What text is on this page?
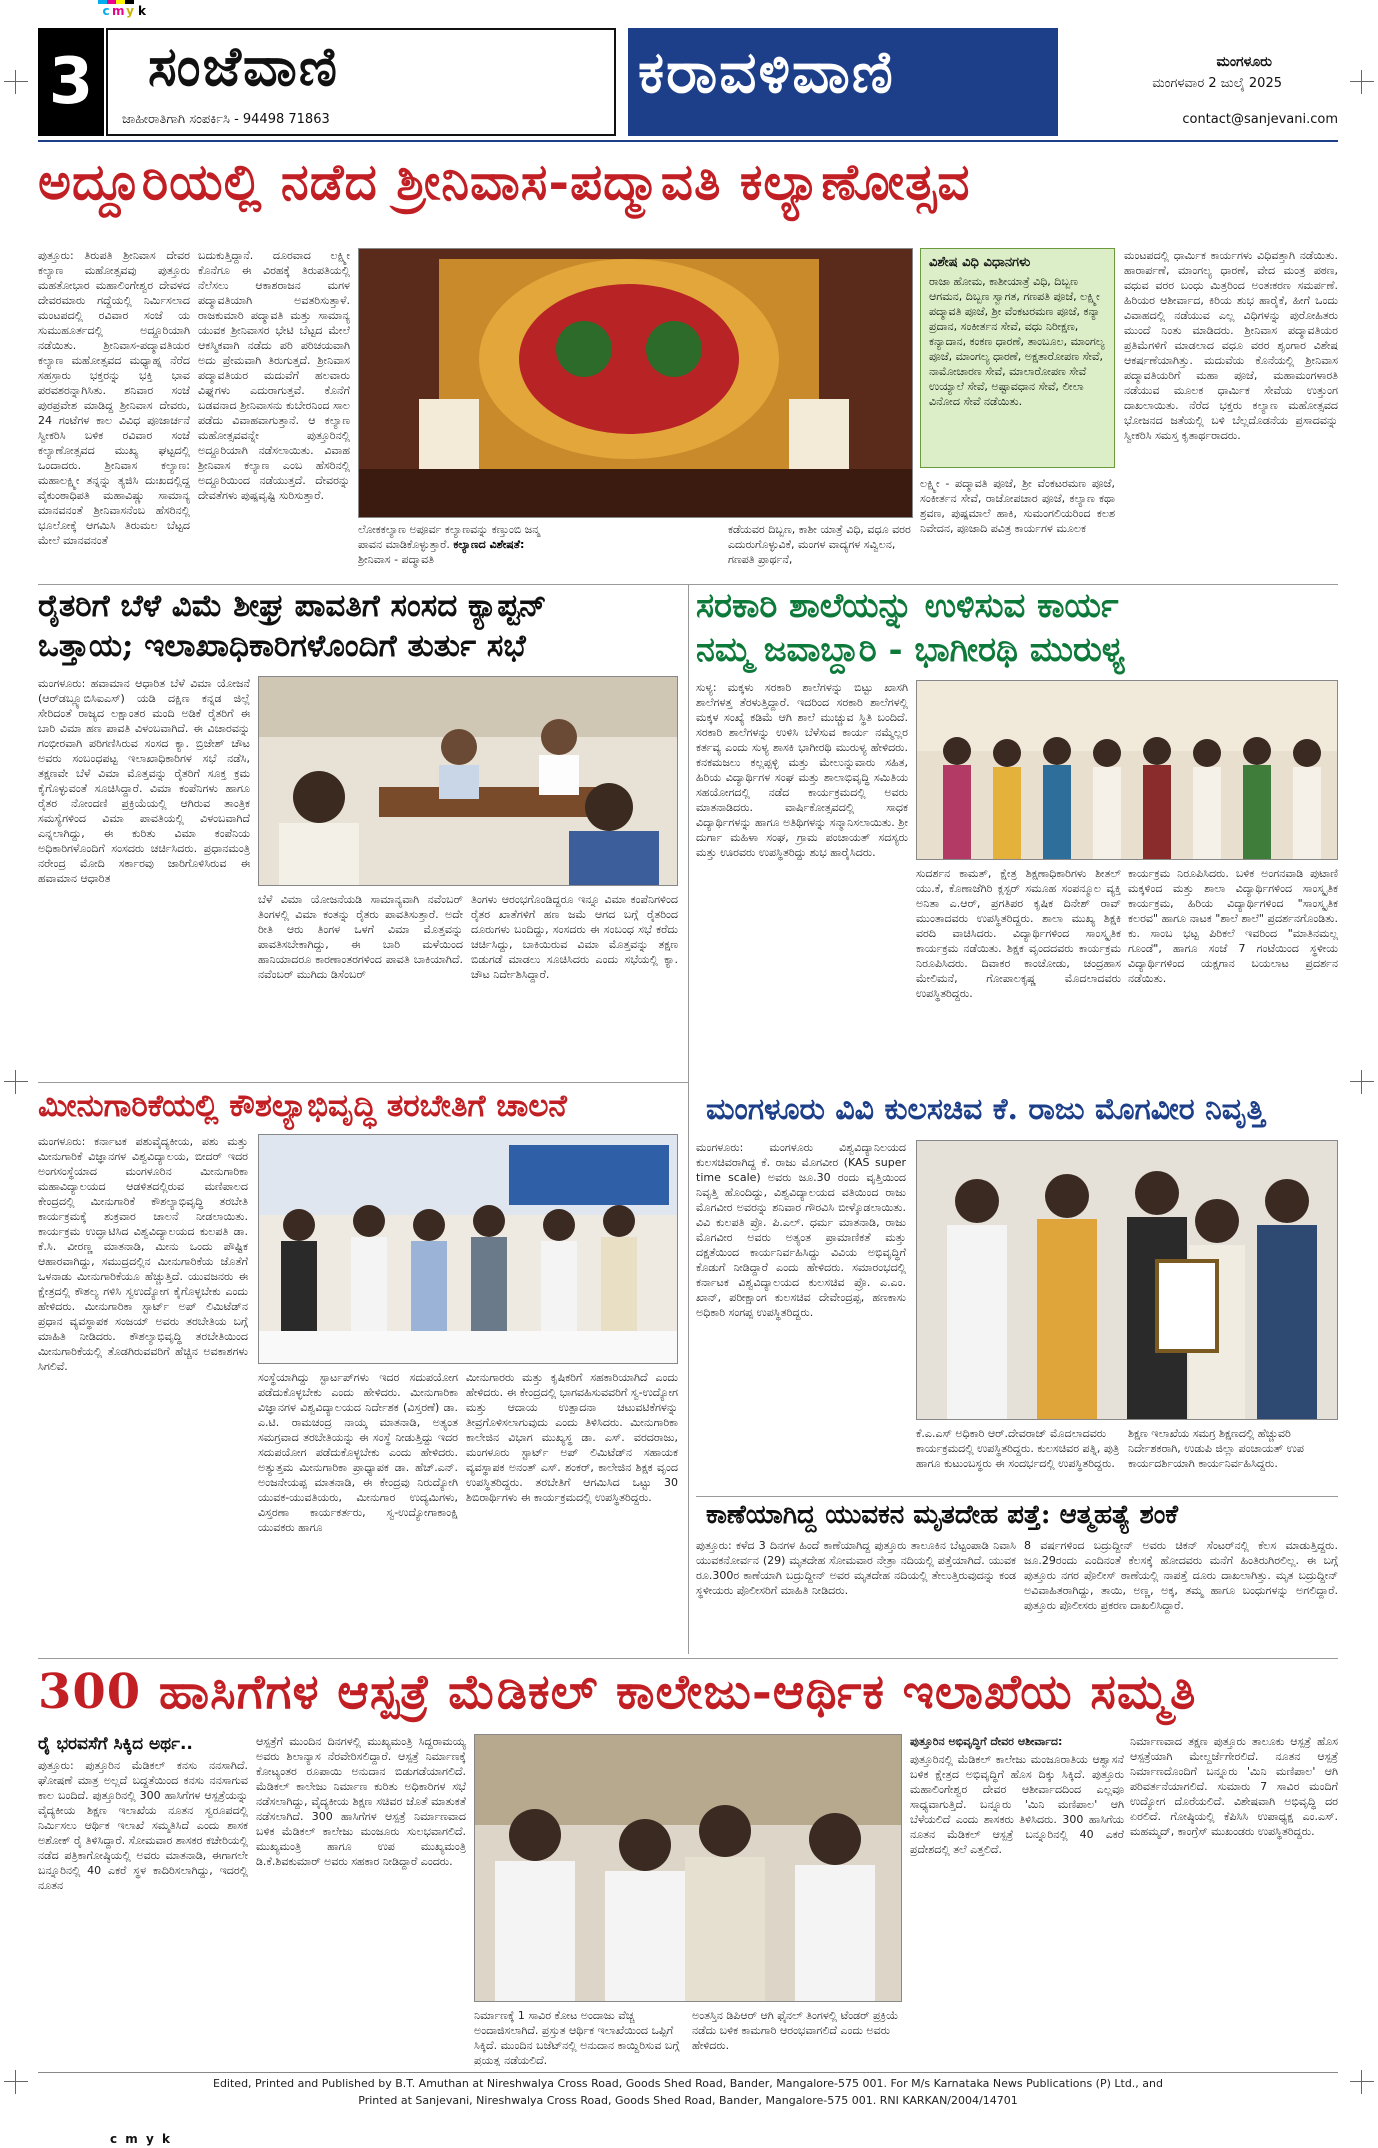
c m y k
3 ಸಂಜೆವಾಣಿ
ಜಾಹೀರಾತಿಗಾಗಿ ಸಂಪರ್ಕಿಸಿ - 94498 71863
ಕರಾವಳಿವಾಣಿ	ಮಂಗಳೂರು
ಮಂಗಳವಾರ 2 ಜುಲೈ 2025
contact@sanjevani.com
ಅದ್ದೂರಿಯಲ್ಲಿ ನಡೆದ ಶ್ರೀನಿವಾಸ-ಪದ್ಮಾವತಿ ಕಲ್ಯಾಣೋತ್ಸವ
ಪುತ್ತೂರು: ತಿರುಪತಿ ಶ್ರೀನಿವಾಸ ದೇವರ ಕಲ್ಯಾಣ ಮಹೋತ್ಸವವು ಪುತ್ತೂರು ಮಹತೋಭಾರ ಮಹಾಲಿಂಗೇಶ್ವರ ದೇವಳದ ದೇವರಮಾರು ಗದ್ದೆಯಲ್ಲಿ ನಿರ್ಮಿಸಲಾದ ಮಂಟಪದಲ್ಲಿ ರವಿವಾರ ಸಂಜೆ ಯ ಸುಮುಹೂರ್ತದಲ್ಲಿ ಅದ್ದೂರಿಯಾಗಿ ನಡೆಯಿತು. ಶ್ರೀನಿವಾಸ-ಪದ್ಮಾವತಿಯರ ಕಲ್ಯಾಣ ಮಹೋತ್ಸವದ ಮಧ್ಯಾಹ್ನ ನೆರೆದ ಸಹಸ್ರಾರು ಭಕ್ತರನ್ನು ಭಕ್ತಿ ಭಾವ ಪರವಶರನ್ನಾಗಿಸಿತು. ಶನಿವಾರ ಸಂಜೆ ಪುರಪ್ರವೇಶ ಮಾಡಿದ್ದ ಶ್ರೀನಿವಾಸ ದೇವರು, 24 ಗಂಟೆಗಳ ಕಾಲ ವಿವಿಧ ಪೂಜಾರ್ಚನೆ ಸ್ವೀಕರಿಸಿ ಬಳಿಕ ರವಿವಾರ ಸಂಜೆ ಕಲ್ಯಾಣೋತ್ಸವದ ಮುಖ್ಯ ಘಟ್ಟದಲ್ಲಿ ಒಂದಾದರು. ಶ್ರೀನಿವಾಸ ಕಲ್ಯಾಣ: ಮಹಾಲಕ್ಷ್ಮೀ ತನ್ನನ್ನು ತ್ಯಜಿಸಿ ದುಃಖದಲ್ಲಿದ್ದ ವೈಕುಂಠಾಧಿಪತಿ ಮಹಾವಿಷ್ಣು ಸಾಮಾನ್ಯ ಮಾನವನಂತೆ ಶ್ರೀನಿವಾಸನೆಂಬ ಹೆಸರಿನಲ್ಲಿ ಭೂಲೋಕ್ಕೆ ಆಗಮಿಸಿ ತಿರುಮಲ ಬೆಟ್ಟದ ಮೇಲೆ ಮಾನವನಂತೆ
ಬದುಕುತ್ತಿದ್ದಾನೆ. ದೂರವಾದ ಲಕ್ಷ್ಮೀ ಕೊನೆಗೂ ಈ ವಿರಹಕ್ಕೆ ತಿರುಪತಿಯಲ್ಲಿ ನೆಲೆಸಲು ಆಕಾಶರಾಜನ ಮಗಳ ಪದ್ಮಾವತಿಯಾಗಿ ಅವತರಿಸುತ್ತಾಳೆ. ರಾಜಕುಮಾರಿ ಪದ್ಮಾವತಿ ಮತ್ತು ಸಾಮಾನ್ಯ ಯುವಕ ಶ್ರೀನಿವಾಸರ ಭೇಟಿ ಬೆಟ್ಟದ ಮೇಲೆ ಆಕಸ್ಮಿಕವಾಗಿ ನಡೆದು ಪರಿ ಪರಿಚಯವಾಗಿ ಅದು ಪ್ರೇಮವಾಗಿ ತಿರುಗುತ್ತದೆ. ಶ್ರೀನಿವಾಸ ಪದ್ಮಾವತಿಯರ ಮದುವೆಗೆ ಹಲವಾರು ವಿಘ್ನಗಳು ಎದುರಾಗುತ್ತವೆ. ಕೊನೆಗೆ ಬಡವನಾದ ಶ್ರೀನಿವಾಸನು ಕುಬೇರನಿಂದ ಸಾಲ ಪಡೆದು ವಿವಾಹವಾಗುತ್ತಾನೆ. ಆ ಕಲ್ಯಾಣ ಮಹೋತ್ಸವವನ್ನೇ ಪುತ್ತೂರಿನಲ್ಲಿ ಅದ್ದೂರಿಯಾಗಿ ನಡೆಸಲಾಯಿತು. ವಿವಾಹ ಶ್ರೀನಿವಾಸ ಕಲ್ಯಾಣ ಎಂಬ ಹೆಸರಿನಲ್ಲಿ ಅದ್ದೂರಿಯಿಂದ ನಡೆಯುತ್ತದೆ. ದೇವರನ್ನು ದೇವತೆಗಳು ಪುಷ್ಪವೃಷ್ಟಿ ಸುರಿಸುತ್ತಾರೆ.
ಲೋಕಕಲ್ಯಾಣ ಅಪೂರ್ವ ಕಲ್ಯಾಣವನ್ನು ಕಣ್ತುಂಬಿ ಜನ್ಮ ಪಾವನ ಮಾಡಿಕೊಳ್ಳುತ್ತಾರೆ. ಕಲ್ಯಾಣದ ವಿಶೇಷತೆ: ಶ್ರೀನಿವಾಸ - ಪದ್ಮಾವತಿ
ಕಡೆಯವರ ದಿಬ್ಬಣ, ಕಾಶೀ ಯಾತ್ರೆ ವಿಧಿ, ವಧೂ ವರರ ಎದುರುಗೊಳ್ಳುವಿಕೆ, ಮಂಗಳ ವಾದ್ಯಗಳ ಸವ್ವಿಲನ, ಗಣಪತಿ ಪ್ರಾರ್ಥನೆ,
ವಿಶೇಷ ವಿಧಿ ವಿಧಾನಗಳು
ರಾಜಾ ಹೋಮ, ಕಾಶೀಯಾತ್ರೆ ವಿಧಿ, ದಿಬ್ಬಣ ಆಗಮನ, ದಿಬ್ಬಣ ಸ್ವಾಗತ, ಗಣಪತಿ ಪೂಜೆ, ಲಕ್ಷ್ಮೀ ಪದ್ಮಾವತಿ ಪೂಜೆ, ಶ್ರೀ ವೆಂಕಟರಮಣ ಪೂಜೆ, ಕನ್ಯಾ ಪ್ರದಾನ, ಸಂಕೀರ್ತನ ಸೇವೆ, ವಧು ನಿರೀಕ್ಷಣ, ಕನ್ಯಾದಾನ, ಕಂಕಣ ಧಾರಣೆ, ತಾಂಬೂಲ, ಮಾಂಗಲ್ಯ ಪೂಜೆ, ಮಾಂಗಲ್ಯ ಧಾರಣೆ, ಅಕ್ಷತಾರೋಪಣ ಸೇವೆ, ನಾಮೋಚಾರಣ ಸೇವೆ, ಮಾಲಾರೋಪಣ ಸೇವೆ ಉಯ್ಯಾಲೆ ಸೇವೆ, ಅಷ್ಟಾವಧಾನ ಸೇವೆ, ಲೀಲಾ ವಿನೋದ ಸೇವೆ ನಡೆಯಿತು.
ಲಕ್ಷ್ಮೀ - ಪದ್ಮಾವತಿ ಪೂಜೆ, ಶ್ರೀ ವೆಂಕಟರಮಣ ಪೂಜೆ, ಸಂಕೀರ್ತನ ಸೇವೆ, ರಾಜೋಪಚಾರ ಪೂಜೆ, ಕಲ್ಯಾಣ ಕಥಾ ಶ್ರವಣ, ಪುಷ್ಪಮಾಲೆ ಹಾಕಿ, ಸುಮಂಗಲಿಯರಿಂದ ಕಲಶ ನಿವೇದನ, ಪೂಜಾದಿ ಪವಿತ್ರ ಕಾರ್ಯಗಳ ಮೂಲಕ
ಮಂಟಪದಲ್ಲಿ ಧಾರ್ಮಿಕ ಕಾರ್ಯಗಳು ವಿಧಿವತ್ತಾಗಿ ನಡೆಯಿತು. ಹಾರಾರ್ಪಣೆ, ಮಾಂಗಲ್ಯ ಧಾರಣೆ, ವೇದ ಮಂತ್ರ ಪಠಣ, ವಧುವ ವರರ ಬಂಧು ಮಿತ್ರರಿಂದ ಅಂತಃಕರಣ ಸಮರ್ಪಣೆ. ಹಿರಿಯರ ಆಶೀರ್ವಾದ, ಕಿರಿಯ ಶುಭ ಹಾರೈಕೆ, ಹೀಗೆ ಒಂದು ವಿವಾಹದಲ್ಲಿ ನಡೆಯುವ ಎಲ್ಲ ವಿಧಿಗಳನ್ನು ಪುರೋಹಿತರು ಮುಂದೆ ನಿಂತು ಮಾಡಿದರು. ಶ್ರೀನಿವಾಸ ಪದ್ಮಾವತಿಯರ ಪ್ರತಿಮೆಗಳಿಗೆ ಮಾಡಲಾದ ವಧೂ ವರರ ಶೃಂಗಾರ ವಿಶೇಷ ಆಕರ್ಷಣೆಯಾಗಿತ್ತು. ಮದುವೆಯ ಕೊನೆಯಲ್ಲಿ ಶ್ರೀನಿವಾಸ ಪದ್ಮಾವತಿಯರಿಗೆ ಮಹಾ ಪೂಜೆ, ಮಹಾಮಂಗಳಾರತಿ ನಡೆಯುವ ಮೂಲಕ ಧಾರ್ಮಿಕ ಸೇವೆಯ ಉತ್ತುಂಗ ದಾಖಲಾಯಿತು. ನೆರೆದ ಭಕ್ತರು ಕಲ್ಯಾಣ ಮಹೋತ್ಸವದ ಭೋಜನದ ಜತೆಯಲ್ಲಿ ಬಳಿ ಬೆಲ್ಲದೊಡನೆಯ ಪ್ರಸಾದವನ್ನು ಸ್ವೀಕರಿಸಿ ಸಮಸ್ತ ಕೃತಾರ್ಥರಾದರು.
ರೈತರಿಗೆ ಬೆಳೆ ವಿಮೆ ಶೀಘ್ರ ಪಾವತಿಗೆ ಸಂಸದ ಕ್ಯಾಪ್ಟನ್
ಒತ್ತಾಯ; ಇಲಾಖಾಧಿಕಾರಿಗಳೊಂದಿಗೆ ತುರ್ತು ಸಭೆ
ಮಂಗಳೂರು: ಹವಾಮಾನ ಆಧಾರಿತ ಬೆಳೆ ವಿಮಾ ಯೋಜನೆ (ಆರ್‌ಡಬ್ಲ್ಯೂಬಿಸಿಐಎಸ್) ಯಡಿ ದಕ್ಷಿಣ ಕನ್ನಡ ಜಿಲ್ಲೆ ಸೇರಿದಂತೆ ರಾಜ್ಯದ ಲಕ್ಷಾಂತರ ಮಂದಿ ಅಡಿಕೆ ರೈತರಿಗೆ ಈ ಬಾರಿ ವಿಮಾ ಹಣ ಪಾವತಿ ವಿಳಂಬವಾಗಿದೆ. ಈ ವಿಚಾರವನ್ನು ಗಂಭೀರವಾಗಿ ಪರಿಗಣಿಸಿರುವ ಸಂಸದ ಕ್ಯಾ. ಬ್ರಿಜೇಶ್ ಚೌಟ ಅವರು ಸಂಬಂಧಪಟ್ಟ ಇಲಾಖಾಧಿಕಾರಿಗಳ ಸಭೆ ನಡೆಸಿ, ತಕ್ಷಣವೇ ಬೆಳೆ ವಿಮಾ ಮೊತ್ತವನ್ನು ರೈತರಿಗೆ ಸೂಕ್ತ ಕ್ರಮ ಕೈಗೊಳ್ಳುವಂತೆ ಸೂಚಿಸಿದ್ದಾರೆ. ವಿಮಾ ಕಂಪೆನಿಗಳು ಹಾಗೂ ರೈತರ ನೋಂದಣಿ ಪ್ರಕ್ರಿಯೆಯಲ್ಲಿ ಆಗಿರುವ ತಾಂತ್ರಿಕ ಸಮಸ್ಯೆಗಳಿಂದ ವಿಮಾ ಪಾವತಿಯಲ್ಲಿ ವಿಳಂಬವಾಗಿದೆ ಎನ್ನಲಾಗಿದ್ದು, ಈ ಕುರಿತು ವಿಮಾ ಕಂಪೆನಿಯ ಅಧಿಕಾರಿಗಳೊಂದಿಗೆ ಸಂಸದರು ಚರ್ಚಿಸಿದರು. ಪ್ರಧಾನಮಂತ್ರಿ ನರೇಂದ್ರ ಮೋದಿ ಸರ್ಕಾರವು ಜಾರಿಗೊಳಿಸಿರುವ ಈ ಹವಾಮಾನ ಆಧಾರಿತ
ಬೆಳೆ ವಿಮಾ ಯೋಜನೆಯಡಿ ಸಾಮಾನ್ಯವಾಗಿ ನವೆಂಬರ್ ತಿಂಗಳಲ್ಲಿ ವಿಮಾ ಕಂತನ್ನು ರೈತರು ಪಾವತಿಸುತ್ತಾರೆ. ಅದೇ ರೀತಿ ಆರು ತಿಂಗಳ ಒಳಗೆ ವಿಮಾ ಮೊತ್ತವನ್ನು ಪಾವತಿಸಬೇಕಾಗಿದ್ದು, ಈ ಬಾರಿ ಮಳೆಯಿಂದ ಹಾನಿಯಾದರೂ ಕಾರಣಾಂತರಗಳಿಂದ ಪಾವತಿ ಬಾಕಿಯಾಗಿದೆ. ನವೆಂಬರ್ ಮುಗಿದು ಡಿಸೆಂಬರ್
ತಿಂಗಳು ಆರಂಭಗೊಂಡಿದ್ದರೂ ಇನ್ನೂ ವಿಮಾ ಕಂಪೆನಿಗಳಿಂದ ರೈತರ ಖಾತೆಗಳಿಗೆ ಹಣ ಜಮೆ ಆಗದ ಬಗ್ಗೆ ರೈತರಿಂದ ದೂರುಗಳು ಬಂದಿದ್ದು, ಸಂಸದರು ಈ ಸಂಬಂಧ ಸಭೆ ಕರೆದು ಚರ್ಚಿಸಿದ್ದು, ಬಾಕಿಯಿರುವ ವಿಮಾ ಮೊತ್ತವನ್ನು ತಕ್ಷಣ ಬಿಡುಗಡೆ ಮಾಡಲು ಸೂಚಿಸಿದರು ಎಂದು ಸಭೆಯಲ್ಲಿ ಕ್ಯಾ. ಚೌಟ ನಿರ್ದೇಶಿಸಿದ್ದಾರೆ.
ಸರಕಾರಿ ಶಾಲೆಯನ್ನು ಉಳಿಸುವ ಕಾರ್ಯ
ನಮ್ಮ ಜವಾಬ್ದಾರಿ - ಭಾಗೀರಥಿ ಮುರುಳ್ಯ
ಸುಳ್ಯ: ಮಕ್ಕಳು ಸರಕಾರಿ ಶಾಲೆಗಳನ್ನು ಬಿಟ್ಟು ಖಾಸಗಿ ಶಾಲೆಗಳತ್ತ ತೆರಳುತ್ತಿದ್ದಾರೆ. ಇದರಿಂದ ಸರಕಾರಿ ಶಾಲೆಗಳಲ್ಲಿ ಮಕ್ಕಳ ಸಂಖ್ಯೆ ಕಡಿಮೆ ಆಗಿ ಶಾಲೆ ಮುಚ್ಚುವ ಸ್ಥಿತಿ ಬಂದಿದೆ. ಸರಕಾರಿ ಶಾಲೆಗಳನ್ನು ಉಳಿಸಿ ಬೆಳೆಸುವ ಕಾರ್ಯ ನಮ್ಮೆಲ್ಲರ ಕರ್ತವ್ಯ ಎಂದು ಸುಳ್ಯ ಶಾಸಕಿ ಭಾಗೀರಥಿ ಮುರುಳ್ಯ ಹೇಳಿದರು. ಕನಕಮಜಲು ಕಲ್ಲಪ್ಪಳ್ಳಿ ಮತ್ತು ಮೇಲುನ್ನುವಾರು ಸಹಿತ, ಹಿರಿಯ ವಿದ್ಯಾರ್ಥಿಗಳ ಸಂಘ ಮತ್ತು ಶಾಲಾಭಿವೃದ್ಧಿ ಸಮಿತಿಯ ಸಹಯೋಗದಲ್ಲಿ ನಡೆದ ಕಾರ್ಯಕ್ರಮದಲ್ಲಿ ಅವರು ಮಾತನಾಡಿದರು. ವಾರ್ಷಿಕೋತ್ಸವದಲ್ಲಿ ಸಾಧಕ ವಿದ್ಯಾರ್ಥಿಗಳನ್ನು ಹಾಗೂ ಅತಿಥಿಗಳನ್ನು ಸನ್ಮಾನಿಸಲಾಯಿತು. ಶ್ರೀ ದುರ್ಗಾ ಮಹಿಳಾ ಸಂಘ, ಗ್ರಾಮ ಪಂಚಾಯತ್ ಸದಸ್ಯರು ಮತ್ತು ಊರವರು ಉಪಸ್ಥಿತರಿದ್ದು ಶುಭ ಹಾರೈಸಿದರು.
ಸುದರ್ಶನ ಕಾಮತ್, ಕ್ಷೇತ್ರ ಶಿಕ್ಷಣಾಧಿಕಾರಿಗಳು ಶೀತಲ್ ಯು.ಕೆ, ಕೊಣಾಜೆಗಿರಿ ಕ್ಲಸ್ಟರ್ ಸಮೂಹ ಸಂಪನ್ಮೂಲ ವ್ಯಕ್ತಿ ಅನಿತಾ ಎ.ಆರ್, ಪ್ರಗತಿಪರ ಕೃಷಿಕ ದಿನೇಶ್ ರಾವ್ ಮುಂತಾದವರು ಉಪಸ್ಥಿತರಿದ್ದರು. ಶಾಲಾ ಮುಖ್ಯ ಶಿಕ್ಷಕಿ ವರದಿ ವಾಚಿಸಿದರು. ವಿದ್ಯಾರ್ಥಿಗಳಿಂದ ಸಾಂಸ್ಕೃತಿಕ ಕಾರ್ಯಕ್ರಮ ನಡೆಯಿತು. ಶಿಕ್ಷಕ ವೃಂದದವರು ಕಾರ್ಯಕ್ರಮ ನಿರೂಪಿಸಿದರು. ದಿವಾಕರ ಕಾಂಚೋಡು, ಚಂದ್ರಹಾಸ ಮೇಲಿಮನೆ, ಗೋಪಾಲಕೃಷ್ಣ ಮೊದಲಾದವರು ಉಪಸ್ಥಿತರಿದ್ದರು.
ಕಾರ್ಯಕ್ರಮ ನಿರೂಪಿಸಿದರು. ಬಳಿಕ ಅಂಗನವಾಡಿ ಪುಟಾಣಿ ಮಕ್ಕಳಿಂದ ಮತ್ತು ಶಾಲಾ ವಿದ್ಯಾರ್ಥಿಗಳಿಂದ ಸಾಂಸ್ಕೃತಿಕ ಕಾರ್ಯಕ್ರಮ, ಹಿರಿಯ ವಿದ್ಯಾರ್ಥಿಗಳಿಂದ "ಸಾಂಸ್ಕೃತಿಕ ಕಲರವ" ಹಾಗೂ ನಾಟಕ "ಶಾಲೆ ಶಾಲೆ" ಪ್ರದರ್ಶನಗೊಂಡಿತು. ಕು. ಸಾಂಬ ಭಟ್ಟ ಪಿರಿಕಲೆ ಇವರಿಂದ "ಮಾತಿನಮಲ್ಲ ಗೂಂಡೆ", ಹಾಗೂ ಸಂಜೆ 7 ಗಂಟೆಯಿಂದ ಸ್ಥಳೀಯ ವಿದ್ಯಾರ್ಥಿಗಳಿಂದ ಯಕ್ಷಗಾನ ಬಯಲಾಟ ಪ್ರದರ್ಶನ ನಡೆಯಿತು.
ಮೀನುಗಾರಿಕೆಯಲ್ಲಿ ಕೌಶಲ್ಯಾಭಿವೃದ್ಧಿ ತರಬೇತಿಗೆ ಚಾಲನೆ
ಮಂಗಳೂರು: ಕರ್ನಾಟಕ ಪಶುವೈದ್ಯಕೀಯ, ಪಶು ಮತ್ತು ಮೀನುಗಾರಿಕೆ ವಿಜ್ಞಾನಗಳ ವಿಶ್ವವಿದ್ಯಾಲಯ, ಬೀದರ್ ಇದರ ಅಂಗಸಂಸ್ಥೆಯಾದ ಮಂಗಳೂರಿನ ಮೀನುಗಾರಿಕಾ ಮಹಾವಿದ್ಯಾಲಯದ ಆಡಳಿತದಲ್ಲಿರುವ ಮಣಿಪಾಲದ ಕೇಂದ್ರದಲ್ಲಿ ಮೀನುಗಾರಿಕೆ ಕೌಶಲ್ಯಾಭಿವೃದ್ಧಿ ತರಬೇತಿ ಕಾರ್ಯಕ್ರಮಕ್ಕೆ ಶುಕ್ರವಾರ ಚಾಲನೆ ನೀಡಲಾಯಿತು. ಕಾರ್ಯಕ್ರಮ ಉದ್ಘಾಟಿಸಿದ ವಿಶ್ವವಿದ್ಯಾಲಯದ ಕುಲಪತಿ ಡಾ. ಕೆ.ಸಿ. ವೀರಣ್ಣ ಮಾತನಾಡಿ, ಮೀನು ಒಂದು ಪೌಷ್ಟಿಕ ಆಹಾರವಾಗಿದ್ದು, ಸಮುದ್ರದಲ್ಲಿನ ಮೀನುಗಾರಿಕೆಯ ಜೊತೆಗೆ ಒಳನಾಡು ಮೀನುಗಾರಿಕೆಯೂ ಹೆಚ್ಚುತ್ತಿದೆ. ಯುವಜನರು ಈ ಕ್ಷೇತ್ರದಲ್ಲಿ ಕೌಶಲ್ಯ ಗಳಿಸಿ ಸ್ವಉದ್ಯೋಗ ಕೈಗೊಳ್ಳಬೇಕು ಎಂದು ಹೇಳಿದರು. ಮೀನುಗಾರಿಕಾ ಸ್ಟಾರ್ಟ್ ಅಪ್ ಲಿಮಿಟೆಡ್‌ನ ಪ್ರಧಾನ ವ್ಯವಸ್ಥಾಪಕ ಸಂಜಯ್ ಅವರು ತರಬೇತಿಯ ಬಗ್ಗೆ ಮಾಹಿತಿ ನೀಡಿದರು. ಕೌಶಲ್ಯಾಭಿವೃದ್ಧಿ ತರಬೇತಿಯಿಂದ ಮೀನುಗಾರಿಕೆಯಲ್ಲಿ ತೊಡಗಿರುವವರಿಗೆ ಹೆಚ್ಚಿನ ಅವಕಾಶಗಳು ಸಿಗಲಿವೆ.
ಸಂಸ್ಥೆಯಾಗಿದ್ದು ಸ್ಟಾರ್ಟಪ್‌ಗಳು ಇದರ ಸದುಪಯೋಗ ಪಡೆದುಕೊಳ್ಳಬೇಕು ಎಂದು ಹೇಳಿದರು. ಮೀನುಗಾರಿಕಾ ವಿಜ್ಞಾನಗಳ ವಿಶ್ವವಿದ್ಯಾಲಯದ ನಿರ್ದೇಶಕ (ವಿಸ್ತರಣೆ) ಡಾ. ಎ.ಟಿ. ರಾಮಚಂದ್ರ ನಾಯ್ಕ ಮಾತನಾಡಿ, ಅತ್ಯಂತ ಸಮಗ್ರವಾದ ತರಬೇತಿಯನ್ನು ಈ ಸಂಸ್ಥೆ ನೀಡುತ್ತಿದ್ದು ಇದರ ಸದುಪಯೋಗ ಪಡೆದುಕೊಳ್ಳಬೇಕು ಎಂದು ಹೇಳಿದರು. ಅತ್ಯುತ್ತಮ ಮೀನುಗಾರಿಕಾ ಪ್ರಾಧ್ಯಾಪಕ ಡಾ. ಹೆಚ್.ಎನ್. ಅಂಜನೇಯಪ್ಪ ಮಾತನಾಡಿ, ಈ ಕೇಂದ್ರವು ನಿರುದ್ಯೋಗಿ ಯುವಕ-ಯುವತಿಯರು, ಮೀನುಗಾರ ಉದ್ಯಮಿಗಳು, ವಿಸ್ತರಣಾ ಕಾರ್ಯಕರ್ತರು, ಸ್ವ-ಉದ್ಯೋಗಾಕಾಂಕ್ಷಿ ಯುವಕರು ಹಾಗೂ
ಮೀನುಗಾರರು ಮತ್ತು ಕೃಷಿಕರಿಗೆ ಸಹಕಾರಿಯಾಗಿದೆ ಎಂದು ಹೇಳಿದರು. ಈ ಕೇಂದ್ರದಲ್ಲಿ ಭಾಗವಹಿಸುವವರಿಗೆ ಸ್ವ-ಉದ್ಯೋಗ ಮತ್ತು ಆದಾಯ ಉತ್ಪಾದನಾ ಚಟುವಟಿಕೆಗಳನ್ನು ತೀವ್ರಗೊಳಿಸಲಾಗುವುದು ಎಂದು ತಿಳಿಸಿದರು. ಮೀನುಗಾರಿಕಾ ಕಾಲೇಜಿನ ವಿಭಾಗ ಮುಖ್ಯಸ್ಥ ಡಾ. ಎಸ್. ವರದರಾಜು, ಮಂಗಳೂರು ಸ್ಟಾರ್ಟ್ ಅಪ್ ಲಿಮಿಟೆಡ್‌ನ ಸಹಾಯಕ ವ್ಯವಸ್ಥಾಪಕ ಅನಂತ್ ಎಸ್. ಶಂಕರ್, ಕಾಲೇಜಿನ ಶಿಕ್ಷಕ ವೃಂದ ಉಪಸ್ಥಿತರಿದ್ದರು. ತರಬೇತಿಗೆ ಆಗಮಿಸಿದ ಒಟ್ಟು 30 ಶಿಬಿರಾರ್ಥಿಗಳು ಈ ಕಾರ್ಯಕ್ರಮದಲ್ಲಿ ಉಪಸ್ಥಿತರಿದ್ದರು.
ಮಂಗಳೂರು ವಿವಿ ಕುಲಸಚಿವ ಕೆ. ರಾಜು ಮೊಗವೀರ ನಿವೃತ್ತಿ
ಮಂಗಳೂರು: ಮಂಗಳೂರು ವಿಶ್ವವಿದ್ಯಾನಿಲಯದ ಕುಲಸಚಿವರಾಗಿದ್ದ ಕೆ. ರಾಜು ಮೊಗವೀರ (KAS super time scale) ಅವರು ಜೂ.30 ರಂದು ವೃತ್ತಿಯಿಂದ ನಿವೃತ್ತಿ ಹೊಂದಿದ್ದು, ವಿಶ್ವವಿದ್ಯಾಲಯದ ವತಿಯಿಂದ ರಾಜು ಮೊಗವೀರ ಅವರನ್ನು ಶನಿವಾರ ಗೌರವಿಸಿ ಬೀಳ್ಕೊಡಲಾಯಿತು. ವಿವಿ ಕುಲಪತಿ ಪ್ರೊ. ಪಿ.ಎಲ್. ಧರ್ಮ ಮಾತನಾಡಿ, ರಾಜು ಮೊಗವೀರ ಅವರು ಅತ್ಯಂತ ಪ್ರಾಮಾಣಿಕತೆ ಮತ್ತು ದಕ್ಷತೆಯಿಂದ ಕಾರ್ಯನಿರ್ವಹಿಸಿದ್ದು ವಿವಿಯ ಅಭಿವೃದ್ಧಿಗೆ ಕೊಡುಗೆ ನೀಡಿದ್ದಾರೆ ಎಂದು ಹೇಳಿದರು. ಸಮಾರಂಭದಲ್ಲಿ ಕರ್ನಾಟಕ ವಿಶ್ವವಿದ್ಯಾಲಯದ ಕುಲಸಚಿವ ಪ್ರೊ. ಎ.ಎಂ. ಖಾನ್, ಪರೀಕ್ಷಾಂಗ ಕುಲಸಚಿವ ದೇವೇಂದ್ರಪ್ಪ, ಹಣಕಾಸು ಅಧಿಕಾರಿ ಸಂಗಪ್ಪ ಉಪಸ್ಥಿತರಿದ್ದರು.
ಕೆ.ಎ.ಎಸ್ ಅಧಿಕಾರಿ ಆರ್.ದೇವರಾಜ್ ಮೊದಲಾದವರು ಕಾರ್ಯಕ್ರಮದಲ್ಲಿ ಉಪಸ್ಥಿತರಿದ್ದರು. ಕುಲಸಚಿವರ ಪತ್ನಿ, ಪುತ್ರಿ ಹಾಗೂ ಕುಟುಂಬಸ್ಥರು ಈ ಸಂದರ್ಭದಲ್ಲಿ ಉಪಸ್ಥಿತರಿದ್ದರು.
ಶಿಕ್ಷಣ ಇಲಾಖೆಯ ಸಮಗ್ರ ಶಿಕ್ಷಣದಲ್ಲಿ ಹೆಚ್ಚುವರಿ ನಿರ್ದೇಶಕರಾಗಿ, ಉಡುಪಿ ಜಿಲ್ಲಾ ಪಂಚಾಯತ್ ಉಪ ಕಾರ್ಯದರ್ಶಿಯಾಗಿ ಕಾರ್ಯನಿರ್ವಹಿಸಿದ್ದರು.
ಕಾಣೆಯಾಗಿದ್ದ ಯುವಕನ ಮೃತದೇಹ ಪತ್ತೆ: ಆತ್ಮಹತ್ಯೆ ಶಂಕೆ
ಪುತ್ತೂರು: ಕಳೆದ 3 ದಿನಗಳ ಹಿಂದೆ ಕಾಣೆಯಾಗಿದ್ದ ಪುತ್ತೂರು ತಾಲೂಕಿನ ಬೆಟ್ಟಂಪಾಡಿ ನಿವಾಸಿ ಯುವಕನೋರ್ವನ (29) ಮೃತದೇಹ ಸೋಮವಾರ ನೇತ್ರಾ ನದಿಯಲ್ಲಿ ಪತ್ತೆಯಾಗಿದೆ. ಯುವಕ ರೂ.300ರ ಕಾಣೆಯಾಗಿ ಬದ್ರುದ್ದೀನ್ ಅವರ ಮೃತದೇಹ ನದಿಯಲ್ಲಿ ತೇಲುತ್ತಿರುವುದನ್ನು ಕಂಡ ಸ್ಥಳೀಯರು ಪೊಲೀಸರಿಗೆ ಮಾಹಿತಿ ನೀಡಿದರು.
8 ವರ್ಷಗಳಿಂದ ಬದ್ರುದ್ದೀನ್ ಅವರು ಚಿಕನ್ ಸೆಂಟರ್‌ನಲ್ಲಿ ಕೆಲಸ ಮಾಡುತ್ತಿದ್ದರು. ಜೂ.29ರಂದು ಎಂದಿನಂತೆ ಕೆಲಸಕ್ಕೆ ಹೋದವರು ಮನೆಗೆ ಹಿಂತಿರುಗಿರಲಿಲ್ಲ. ಈ ಬಗ್ಗೆ ಪುತ್ತೂರು ನಗರ ಪೊಲೀಸ್ ಠಾಣೆಯಲ್ಲಿ ನಾಪತ್ತೆ ದೂರು ದಾಖಲಾಗಿತ್ತು. ಮೃತ ಬದ್ರುದ್ದೀನ್ ಅವಿವಾಹಿತರಾಗಿದ್ದು, ತಾಯಿ, ಅಣ್ಣ, ಅಕ್ಕ, ತಮ್ಮ ಹಾಗೂ ಬಂಧುಗಳನ್ನು ಅಗಲಿದ್ದಾರೆ. ಪುತ್ತೂರು ಪೊಲೀಸರು ಪ್ರಕರಣ ದಾಖಲಿಸಿದ್ದಾರೆ.
300 ಹಾಸಿಗೆಗಳ ಆಸ್ಪತ್ರೆ ಮೆಡಿಕಲ್ ಕಾಲೇಜು-ಆರ್ಥಿಕ ಇಲಾಖೆಯ ಸಮ್ಮತಿ
ರೈ ಭರವಸೆಗೆ ಸಿಕ್ಕಿದ ಅರ್ಥ..
ಪುತ್ತೂರು: ಪುತ್ತೂರಿನ ಮೆಡಿಕಲ್ ಕನಸು ನನಸಾಗಿದೆ. ಘೋಷಣೆ ಮಾತ್ರ ಅಲ್ಲದೆ ಬದ್ದತೆಯಿಂದ ಕನಸು ನನಸಾಗುವ ಕಾಲ ಬಂದಿದೆ. ಪುತ್ತೂರಿನಲ್ಲಿ 300 ಹಾಸಿಗೆಗಳ ಆಸ್ಪತ್ರೆಯನ್ನು ವೈದ್ಯಕೀಯ ಶಿಕ್ಷಣ ಇಲಾಖೆಯ ನೂತನ ಸ್ವರೂಪದಲ್ಲಿ ನಿರ್ಮಿಸಲು ಆರ್ಥಿಕ ಇಲಾಖೆ ಸಮ್ಮತಿಸಿದೆ ಎಂದು ಶಾಸಕ ಅಶೋಕ್ ರೈ ತಿಳಿಸಿದ್ದಾರೆ. ಸೋಮವಾರ ಶಾಸಕರ ಕಚೇರಿಯಲ್ಲಿ ನಡೆದ ಪತ್ರಿಕಾಗೋಷ್ಠಿಯಲ್ಲಿ ಅವರು ಮಾತನಾಡಿ, ಈಗಾಗಲೇ ಬನ್ನೂರಿನಲ್ಲಿ 40 ಎಕರೆ ಸ್ಥಳ ಕಾದಿರಿಸಲಾಗಿದ್ದು, ಇದರಲ್ಲಿ ನೂತನ
ಆಸ್ಪತ್ರೆಗೆ ಮುಂದಿನ ದಿನಗಳಲ್ಲಿ ಮುಖ್ಯಮಂತ್ರಿ ಸಿದ್ದರಾಮಯ್ಯ ಅವರು ಶಿಲಾನ್ಯಾಸ ನೆರವೇರಿಸಲಿದ್ದಾರೆ. ಆಸ್ಪತ್ರೆ ನಿರ್ಮಾಣಕ್ಕೆ ಕೋಟ್ಯಂತರ ರೂಪಾಯಿ ಅನುದಾನ ಬಿಡುಗಡೆಯಾಗಲಿದೆ. ಮೆಡಿಕಲ್ ಕಾಲೇಜು ನಿರ್ಮಾಣ ಕುರಿತು ಅಧಿಕಾರಿಗಳ ಸಭೆ ನಡೆಸಲಾಗಿದ್ದು, ವೈದ್ಯಕೀಯ ಶಿಕ್ಷಣ ಸಚಿವರ ಜೊತೆ ಮಾತುಕತೆ ನಡೆಸಲಾಗಿದೆ. 300 ಹಾಸಿಗೆಗಳ ಆಸ್ಪತ್ರೆ ನಿರ್ಮಾಣವಾದ ಬಳಿಕ ಮೆಡಿಕಲ್ ಕಾಲೇಜು ಮಂಜೂರು ಸುಲಭವಾಗಲಿದೆ. ಮುಖ್ಯಮಂತ್ರಿ ಹಾಗೂ ಉಪ ಮುಖ್ಯಮಂತ್ರಿ ಡಿ.ಕೆ.ಶಿವಕುಮಾರ್ ಅವರು ಸಹಕಾರ ನೀಡಿದ್ದಾರೆ ಎಂದರು.
ನಿರ್ಮಾಣಕ್ಕೆ 1 ಸಾವಿರ ಕೋಟ ಅಂದಾಜು ವೆಚ್ಚ ಅಂದಾಜಿಸಲಾಗಿದೆ. ಪ್ರಸ್ತುತ ಆರ್ಥಿಕ ಇಲಾಖೆಯಿಂದ ಒಪ್ಪಿಗೆ ಸಿಕ್ಕಿದೆ. ಮುಂದಿನ ಬಜೆಟ್‌ನಲ್ಲಿ ಅನುದಾನ ಕಾಯ್ದಿರಿಸುವ ಬಗ್ಗೆ ಪ್ರಯತ್ನ ನಡೆಯಲಿದೆ.
ಅಂತಸ್ತಿನ ಡಿಪಿಆರ್ ಆಗಿ ಫೈನಲ್ ತಿಂಗಳಲ್ಲಿ ಟೆಂಡರ್ ಪ್ರಕ್ರಿಯೆ ನಡೆದು ಬಳಿಕ ಕಾಮಗಾರಿ ಆರಂಭವಾಗಲಿದೆ ಎಂದು ಅವರು ಹೇಳಿದರು.
ಪುತ್ತೂರಿನ ಅಭಿವೃದ್ಧಿಗೆ ದೇವರ ಆಶೀರ್ವಾದ:
ಪುತ್ತೂರಿನಲ್ಲಿ ಮೆಡಿಕಲ್ ಕಾಲೇಜು ಮಂಜೂರಾತಿಯ ಆಶ್ವಾಸನೆ ಬಳಿಕ ಕ್ಷೇತ್ರದ ಅಭಿವೃದ್ಧಿಗೆ ಹೊಸ ದಿಕ್ಕು ಸಿಕ್ಕಿದೆ. ಪುತ್ತೂರು ಮಹಾಲಿಂಗೇಶ್ವರ ದೇವರ ಆಶೀರ್ವಾದದಿಂದ ಎಲ್ಲವೂ ಸಾಧ್ಯವಾಗುತ್ತಿದೆ. ಬನ್ನೂರು 'ಮಿನಿ ಮಣಿಪಾಲ' ಆಗಿ ಬೆಳೆಯಲಿದೆ ಎಂದು ಶಾಸಕರು ತಿಳಿಸಿದರು. 300 ಹಾಸಿಗೆಯ ನೂತನ ಮೆಡಿಕಲ್ ಆಸ್ಪತ್ರೆ ಬನ್ನೂರಿನಲ್ಲಿ 40 ಎಕರೆ ಪ್ರದೇಶದಲ್ಲಿ ತಲೆ ಎತ್ತಲಿದೆ.
ನಿರ್ಮಾಣವಾದ ತಕ್ಷಣ ಪುತ್ತೂರು ತಾಲೂಕು ಆಸ್ಪತ್ರೆ ಹೊಸ ಆಸ್ಪತ್ರೆಯಾಗಿ ಮೇಲ್ದರ್ಜೆಗೇರಲಿದೆ. ನೂತನ ಆಸ್ಪತ್ರೆ ನಿರ್ಮಾಣದೊಂದಿಗೆ ಬನ್ನೂರು 'ಮಿನಿ ಮಣಿಪಾಲ' ಆಗಿ ಪರಿವರ್ತನೆಯಾಗಲಿದೆ. ಸುಮಾರು 7 ಸಾವಿರ ಮಂದಿಗೆ ಉದ್ಯೋಗ ದೊರೆಯಲಿದೆ. ವಿಶೇಷವಾಗಿ ಅಭಿವೃದ್ಧಿ ದರ ಏರಲಿದೆ. ಗೋಷ್ಠಿಯಲ್ಲಿ ಕೆಪಿಸಿಸಿ ಉಪಾಧ್ಯಕ್ಷ ಎಂ.ಎಸ್. ಮಹಮ್ಮದ್, ಕಾಂಗ್ರೆಸ್ ಮುಖಂಡರು ಉಪಸ್ಥಿತರಿದ್ದರು.
Edited, Printed and Published by B.T. Amuthan at Nireshwalya Cross Road, Goods Shed Road, Bander, Mangalore-575 001. For M/s Karnataka News Publications (P) Ltd., and
Printed at Sanjevani, Nireshwalya Cross Road, Goods Shed Road, Bander, Mangalore-575 001. RNI KARKAN/2004/14701
c m y k
